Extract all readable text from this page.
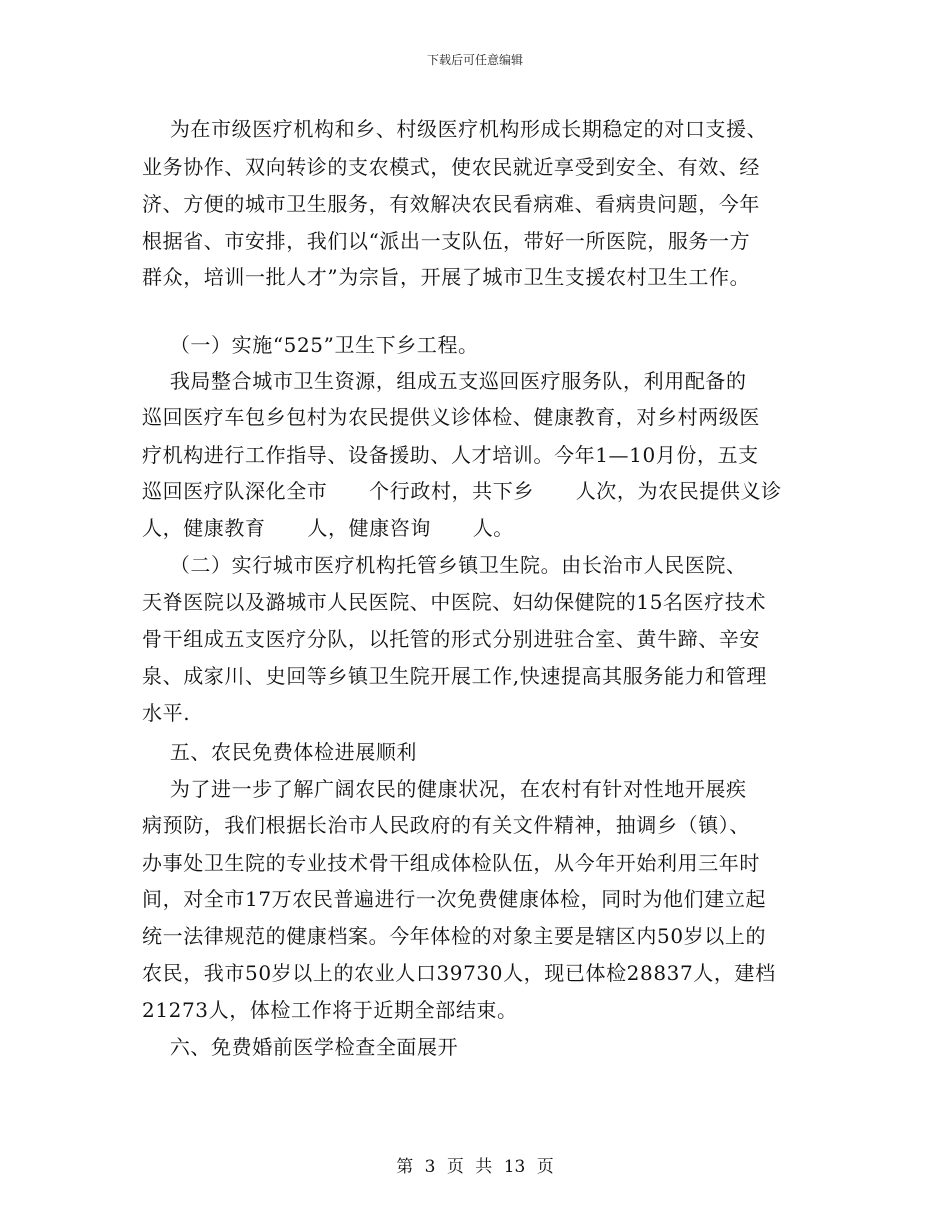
下载后可任意编辑
为在市级医疗机构和乡、村级医疗机构形成长期稳定的对口支援、
业务协作、双向转诊的支农模式，使农民就近享受到安全、有效、经
济、方便的城市卫生服务，有效解决农民看病难、看病贵问题，今年
根据省、市安排，我们以“派出一支队伍，带好一所医院，服务一方
群众，培训一批人才”为宗旨，开展了城市卫生支援农村卫生工作。
（一）实施“525”卫生下乡工程。
我局整合城市卫生资源，组成五支巡回医疗服务队，利用配备的
巡回医疗车包乡包村为农民提供义诊体检、健康教育，对乡村两级医
疗机构进行工作指导、设备援助、人才培训。今年1—10月份，五支
巡回医疗队深化全市      个行政村，共下乡      人次，为农民提供义诊
人，健康教育      人，健康咨询      人。
（二）实行城市医疗机构托管乡镇卫生院。由长治市人民医院、
天脊医院以及潞城市人民医院、中医院、妇幼保健院的15名医疗技术
骨干组成五支医疗分队，以托管的形式分别进驻合室、黄牛蹄、辛安
泉、成家川、史回等乡镇卫生院开展工作,快速提高其服务能力和管理
水平.
五、农民免费体检进展顺利
为了进一步了解广阔农民的健康状况，在农村有针对性地开展疾
病预防，我们根据长治市人民政府的有关文件精神，抽调乡（镇）、
办事处卫生院的专业技术骨干组成体检队伍，从今年开始利用三年时
间，对全市17万农民普遍进行一次免费健康体检，同时为他们建立起
统一法律规范的健康档案。今年体检的对象主要是辖区内50岁以上的
农民，我市50岁以上的农业人口39730人，现已体检28837人，建档
21273人，体检工作将于近期全部结束。
六、免费婚前医学检查全面展开
第 3 页 共 13 页
